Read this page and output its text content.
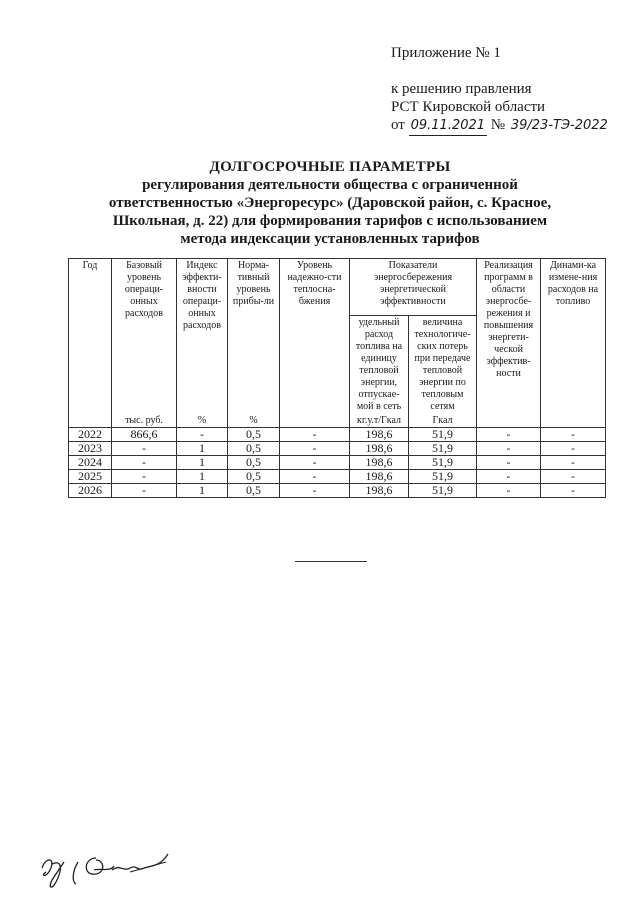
Приложение № 1
к решению правления
РСТ Кировской области
от 09.11.2021 № 39/23-ТЭ-2022
ДОЛГОСРОЧНЫЕ ПАРАМЕТРЫ
регулирования деятельности общества с ограниченной
ответственностью «Энергоресурс» (Даровской район, с. Красное,
Школьная, д. 22) для формирования тарифов с использованием
метода индексации установленных тарифов
Год	Базовый уровень операци-онных расходов	Индекс эффекти-вности операци-онных расходов	Норма-тивный уровень прибы-ли	Уровень надежно-сти теплосна-бжения	Показатели энергосбережения энергетической эффективности		Реализация программ в области энергосбе-режения и повышения энергети-ческой эффектив-ности	Динами-ка измене-ния расходов на топливо
					удельный расход топлива на единицу тепловой энергии, отпускае-мой в сеть	величина технологиче-ских потерь при передаче тепловой энергии по тепловым сетям		
	тыс. руб.	%	%		кг.у.т/Гкал	Гкал		
2022	866,6	-	0,5	-	198,6	51,9	-	-
2023	-	1	0,5	-	198,6	51,9	-	-
2024	-	1	0,5	-	198,6	51,9	-	-
2025	-	1	0,5	-	198,6	51,9	-	-
2026	-	1	0,5	-	198,6	51,9	-	-
